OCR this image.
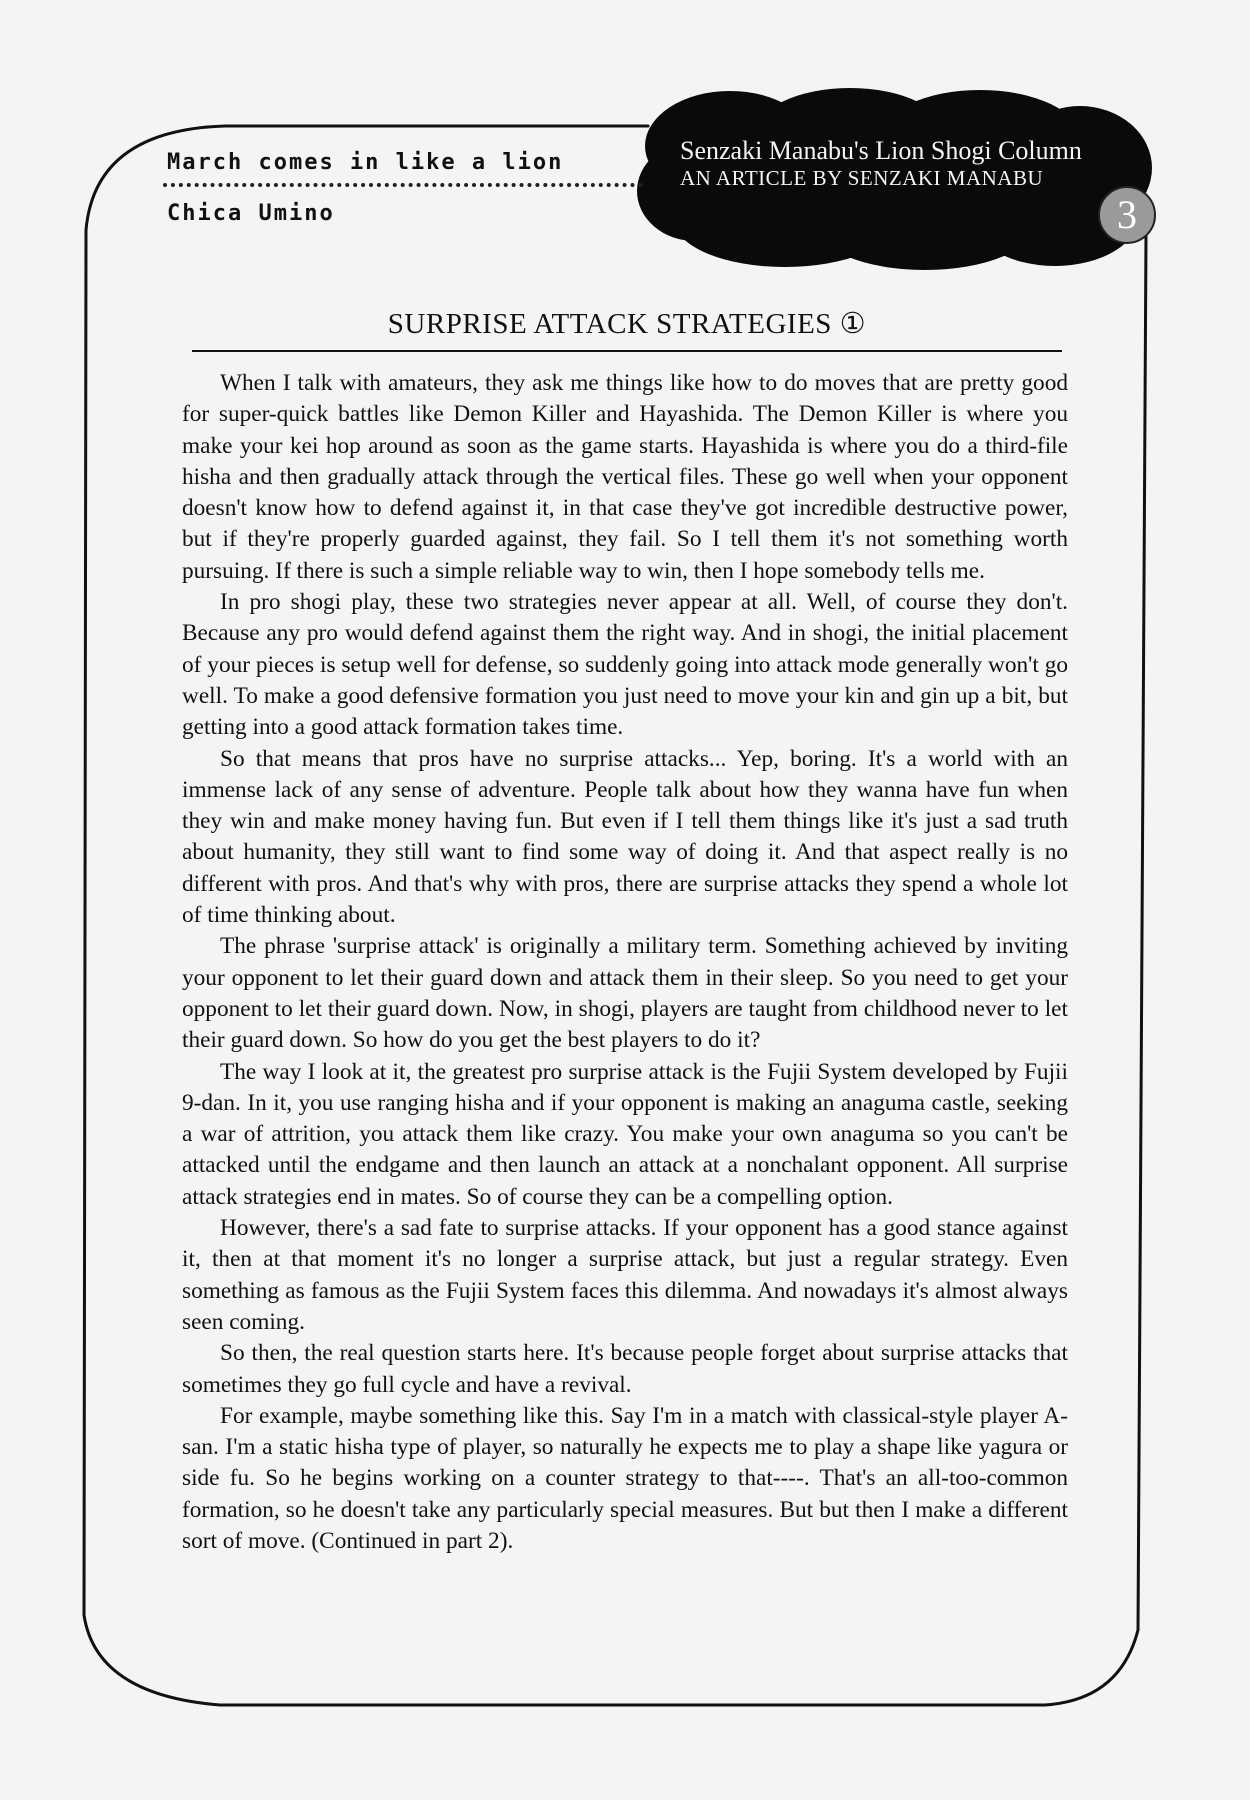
March comes in like a lion
Chica Umino
Senzaki Manabu's Lion Shogi Column
AN ARTICLE BY SENZAKI MANABU
3
SURPRISE ATTACK STRATEGIES ①

When I talk with amateurs, they ask me things like how to do moves that are pretty good for super-quick battles like Demon Killer and Hayashida. The Demon Killer is where you make your kei hop around as soon as the game starts. Hayashida is where you do a third-file hisha and then gradually attack through the vertical files. These go well when your opponent doesn't know how to defend against it, in that case they've got incredible destructive power, but if they're properly guarded against, they fail. So I tell them it's not something worth pursuing. If there is such a simple reliable way to win, then I hope somebody tells me.

In pro shogi play, these two strategies never appear at all. Well, of course they don't. Because any pro would defend against them the right way. And in shogi, the initial placement of your pieces is setup well for defense, so suddenly going into attack mode generally won't go well. To make a good defensive formation you just need to move your kin and gin up a bit, but getting into a good attack formation takes time.

So that means that pros have no surprise attacks... Yep, boring. It's a world with an immense lack of any sense of adventure. People talk about how they wanna have fun when they win and make money having fun. But even if I tell them things like it's just a sad truth about humanity, they still want to find some way of doing it. And that aspect really is no different with pros. And that's why with pros, there are surprise attacks they spend a whole lot of time thinking about.

The phrase 'surprise attack' is originally a military term. Something achieved by inviting your opponent to let their guard down and attack them in their sleep. So you need to get your opponent to let their guard down. Now, in shogi, players are taught from childhood never to let their guard down. So how do you get the best players to do it?

The way I look at it, the greatest pro surprise attack is the Fujii System developed by Fujii 9-dan. In it, you use ranging hisha and if your opponent is making an anaguma castle, seeking a war of attrition, you attack them like crazy. You make your own anaguma so you can't be attacked until the endgame and then launch an attack at a nonchalant opponent. All surprise attack strategies end in mates. So of course they can be a compelling option.

However, there's a sad fate to surprise attacks. If your opponent has a good stance against it, then at that moment it's no longer a surprise attack, but just a regular strategy. Even something as famous as the Fujii System faces this dilemma. And nowadays it's almost always seen coming.

So then, the real question starts here. It's because people forget about surprise attacks that sometimes they go full cycle and have a revival.

For example, maybe something like this. Say I'm in a match with classical-style player A-san. I'm a static hisha type of player, so naturally he expects me to play a shape like yagura or side fu. So he begins working on a counter strategy to that----. That's an all-too-common formation, so he doesn't take any particularly special measures. But but then I make a different sort of move. (Continued in part 2).
